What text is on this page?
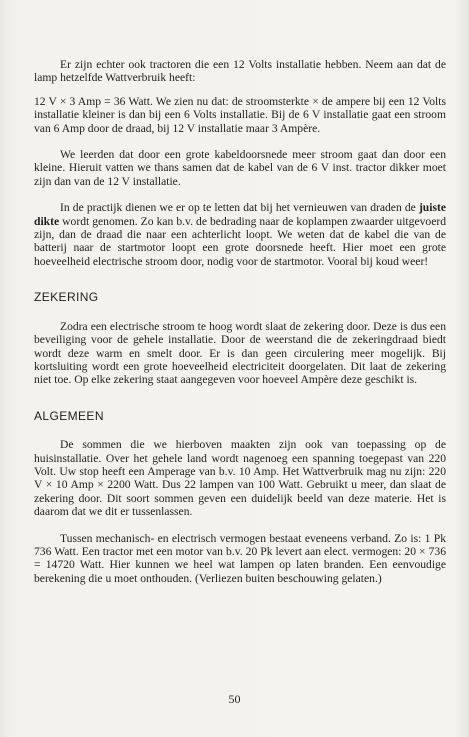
Er zijn echter ook tractoren die een 12 Volts installatie hebben. Neem aan dat de lamp hetzelfde Wattverbruik heeft:

12 V × 3 Amp = 36 Watt. We zien nu dat: de stroomsterkte × de ampere bij een 12 Volts installatie kleiner is dan bij een 6 Volts installatie. Bij de 6 V installatie gaat een stroom van 6 Amp door de draad, bij 12 V installatie maar 3 Ampère.

We leerden dat door een grote kabeldoorsnede meer stroom gaat dan door een kleine. Hieruit vatten we thans samen dat de kabel van de 6 V inst. tractor dikker moet zijn dan van de 12 V installatie.

In de practijk dienen we er op te letten dat bij het vernieuwen van draden de juiste dikte wordt genomen. Zo kan b.v. de bedrading naar de koplampen zwaarder uitgevoerd zijn, dan de draad die naar een achterlicht loopt. We weten dat de kabel die van de batterij naar de startmotor loopt een grote doorsnede heeft. Hier moet een grote hoeveelheid electrische stroom door, nodig voor de startmotor. Vooral bij koud weer!

ZEKERING

Zodra een electrische stroom te hoog wordt slaat de zekering door. Deze is dus een beveiliging voor de gehele installatie. Door de weerstand die de zekeringdraad biedt wordt deze warm en smelt door. Er is dan geen circulering meer mogelijk. Bij kortsluiting wordt een grote hoeveelheid electriciteit doorgelaten. Dit laat de zekering niet toe. Op elke zekering staat aangegeven voor hoeveel Ampère deze geschikt is.

ALGEMEEN

De sommen die we hierboven maakten zijn ook van toepassing op de huisinstallatie. Over het gehele land wordt nagenoeg een spanning toegepast van 220 Volt. Uw stop heeft een Amperage van b.v. 10 Amp. Het Wattverbruik mag nu zijn: 220 V × 10 Amp × 2200 Watt. Dus 22 lampen van 100 Watt. Gebruikt u meer, dan slaat de zekering door. Dit soort sommen geven een duidelijk beeld van deze materie. Het is daarom dat we dit er tussenlassen.

Tussen mechanisch- en electrisch vermogen bestaat eveneens verband. Zo is: 1 Pk 736 Watt. Een tractor met een motor van b.v. 20 Pk levert aan elect. vermogen: 20 × 736 = 14720 Watt. Hier kunnen we heel wat lampen op laten branden. Een eenvoudige berekening die u moet onthouden. (Verliezen buiten beschouwing gelaten.)

50
